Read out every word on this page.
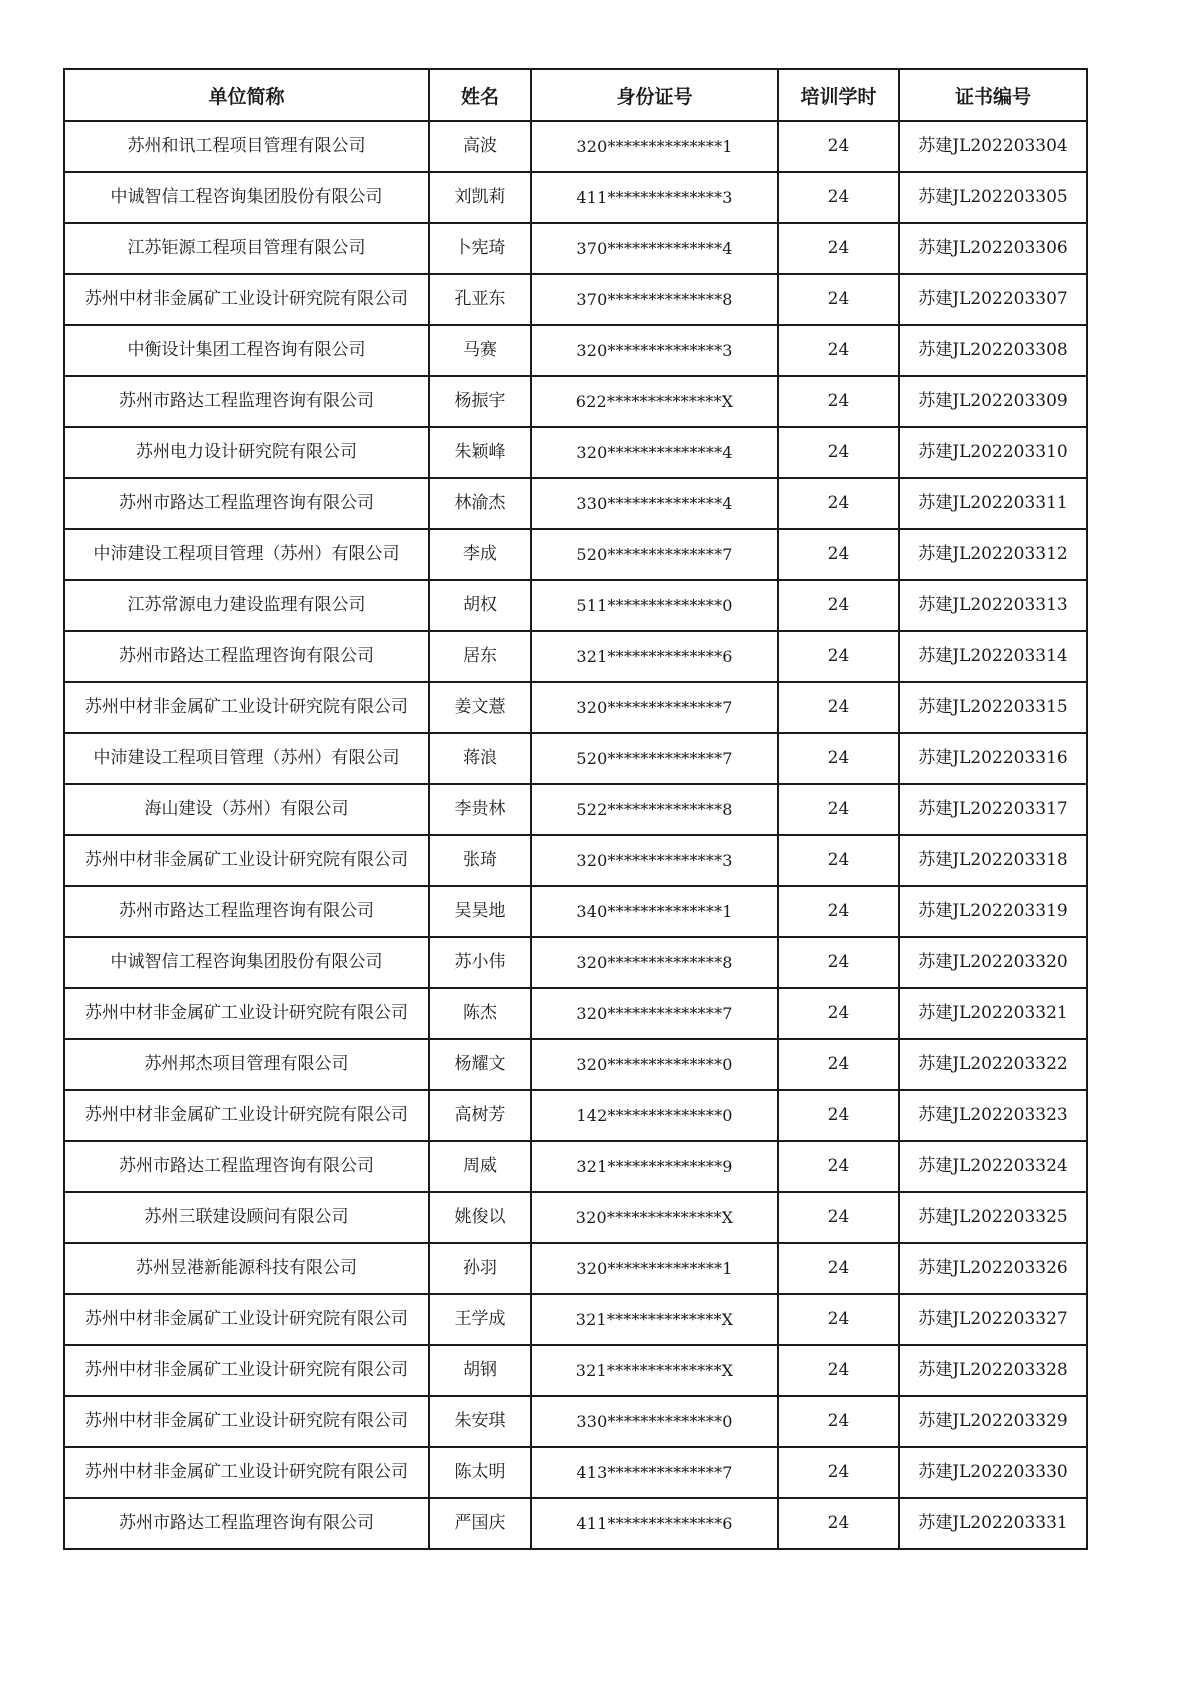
单位简称	姓名	身份证号	培训学时	证书编号
苏州和讯工程项目管理有限公司	高波	320**************1	24	苏建JL202203304
中诚智信工程咨询集团股份有限公司	刘凯莉	411**************3	24	苏建JL202203305
江苏钜源工程项目管理有限公司	卜宪琦	370**************4	24	苏建JL202203306
苏州中材非金属矿工业设计研究院有限公司	孔亚东	370**************8	24	苏建JL202203307
中衡设计集团工程咨询有限公司	马赛	320**************3	24	苏建JL202203308
苏州市路达工程监理咨询有限公司	杨振宇	622**************X	24	苏建JL202203309
苏州电力设计研究院有限公司	朱颖峰	320**************4	24	苏建JL202203310
苏州市路达工程监理咨询有限公司	林渝杰	330**************4	24	苏建JL202203311
中沛建设工程项目管理（苏州）有限公司	李成	520**************7	24	苏建JL202203312
江苏常源电力建设监理有限公司	胡权	511**************0	24	苏建JL202203313
苏州市路达工程监理咨询有限公司	居东	321**************6	24	苏建JL202203314
苏州中材非金属矿工业设计研究院有限公司	姜文薏	320**************7	24	苏建JL202203315
中沛建设工程项目管理（苏州）有限公司	蒋浪	520**************7	24	苏建JL202203316
海山建设（苏州）有限公司	李贵林	522**************8	24	苏建JL202203317
苏州中材非金属矿工业设计研究院有限公司	张琦	320**************3	24	苏建JL202203318
苏州市路达工程监理咨询有限公司	吴昊地	340**************1	24	苏建JL202203319
中诚智信工程咨询集团股份有限公司	苏小伟	320**************8	24	苏建JL202203320
苏州中材非金属矿工业设计研究院有限公司	陈杰	320**************7	24	苏建JL202203321
苏州邦杰项目管理有限公司	杨耀文	320**************0	24	苏建JL202203322
苏州中材非金属矿工业设计研究院有限公司	高树芳	142**************0	24	苏建JL202203323
苏州市路达工程监理咨询有限公司	周威	321**************9	24	苏建JL202203324
苏州三联建设顾问有限公司	姚俊以	320**************X	24	苏建JL202203325
苏州昱港新能源科技有限公司	孙羽	320**************1	24	苏建JL202203326
苏州中材非金属矿工业设计研究院有限公司	王学成	321**************X	24	苏建JL202203327
苏州中材非金属矿工业设计研究院有限公司	胡钢	321**************X	24	苏建JL202203328
苏州中材非金属矿工业设计研究院有限公司	朱安琪	330**************0	24	苏建JL202203329
苏州中材非金属矿工业设计研究院有限公司	陈太明	413**************7	24	苏建JL202203330
苏州市路达工程监理咨询有限公司	严国庆	411**************6	24	苏建JL202203331
